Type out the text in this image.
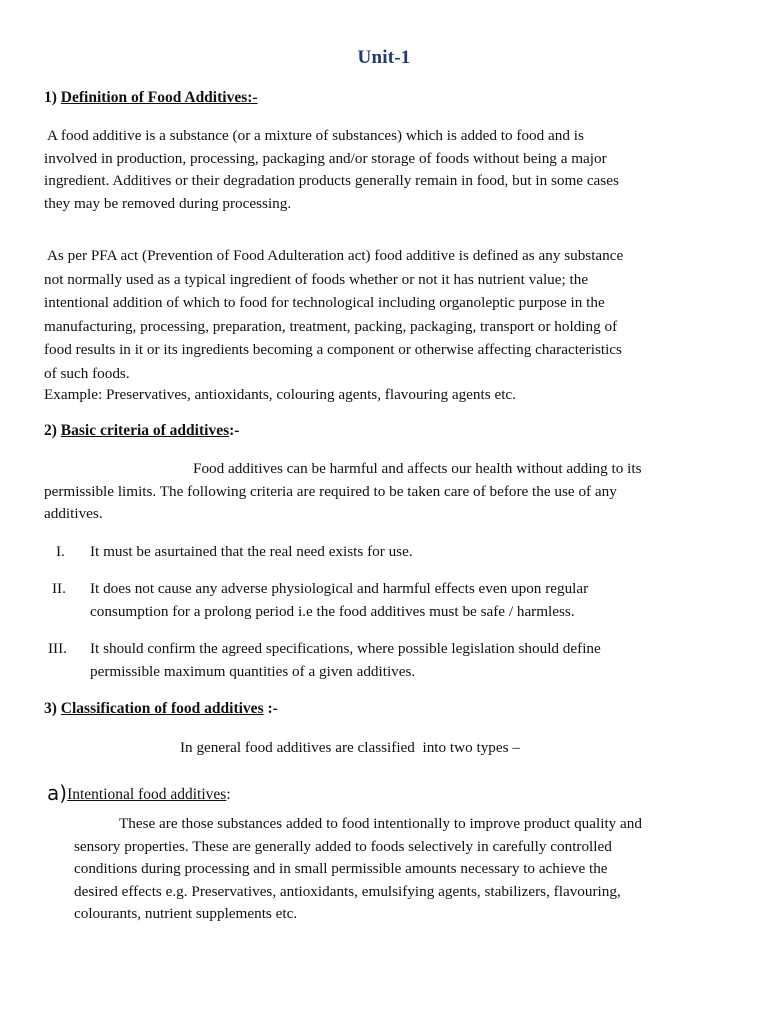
Unit-1
1) Definition of Food Additives:-
A food additive is a substance (or a mixture of substances) which is added to food and is
involved in production, processing, packaging and/or storage of foods without being a major
ingredient. Additives or their degradation products generally remain in food, but in some cases
they may be removed during processing.
As per PFA act (Prevention of Food Adulteration act) food additive is defined as any substance
not normally used as a typical ingredient of foods whether or not it has nutrient value; the
intentional addition of which to food for technological including organoleptic purpose in the
manufacturing, processing, preparation, treatment, packing, packaging, transport or holding of
food results in it or its ingredients becoming a component or otherwise affecting characteristics
of such foods.
Example: Preservatives, antioxidants, colouring agents, flavouring agents etc.
2) Basic criteria of additives:-
Food additives can be harmful and affects our health without adding to its
permissible limits. The following criteria are required to be taken care of before the use of any
additives.
I.	It must be asurtained that the real need exists for use.
II.	It does not cause any adverse physiological and harmful effects even upon regular
consumption for a prolong period i.e the food additives must be safe / harmless.
III.	It should confirm the agreed specifications, where possible legislation should define
permissible maximum quantities of a given additives.
3) Classification of food additives :-
In general food additives are classified  into two types –
a)Intentional food additives:
These are those substances added to food intentionally to improve product quality and
sensory properties. These are generally added to foods selectively in carefully controlled
conditions during processing and in small permissible amounts necessary to achieve the
desired effects e.g. Preservatives, antioxidants, emulsifying agents, stabilizers, flavouring,
colourants, nutrient supplements etc.
